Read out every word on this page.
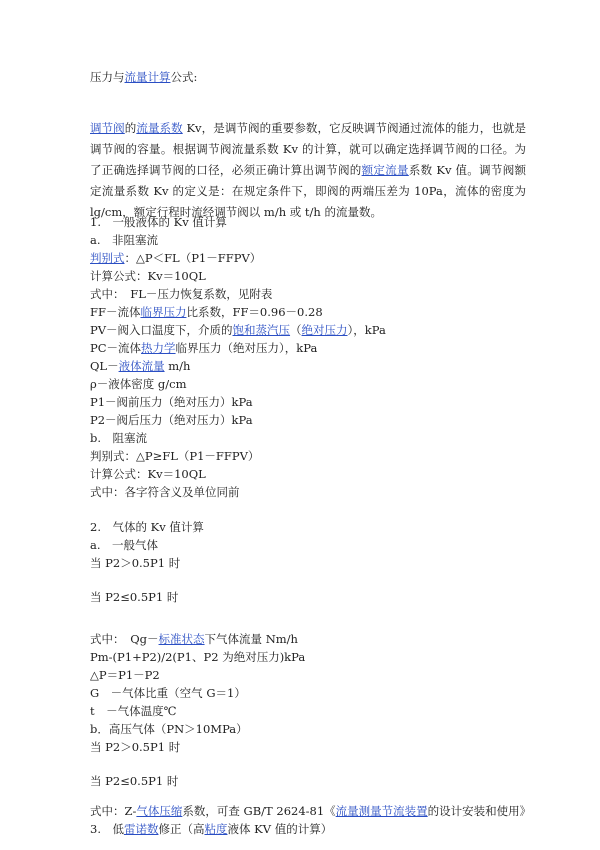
压力与流量计算公式:
调节阀的流量系数 Kv，是调节阀的重要参数，它反映调节阀通过流体的能力，也就是调节阀的容量。根据调节阀流量系数 Kv 的计算，就可以确定选择调节阀的口径。为了正确选择调节阀的口径，必须正确计算出调节阀的额定流量系数 Kv 值。调节阀额定流量系数 Kv 的定义是：在规定条件下，即阀的两端压差为 10Pa，流体的密度为 lg/cm，额定行程时流经调节阀以 m/h 或 t/h 的流量数。
1.　一般液体的 Kv 值计算
a.　非阻塞流
判别式：△P＜FL（P1－FFPV）
计算公式：Kv＝10QL
式中：　FL－压力恢复系数，见附表
FF－流体临界压力比系数，FF＝0.96－0.28
PV－阀入口温度下，介质的饱和蒸汽压（绝对压力），kPa
PC－流体热力学临界压力（绝对压力），kPa
QL－液体流量 m/h
ρ－液体密度 g/cm
P1－阀前压力（绝对压力）kPa
P2－阀后压力（绝对压力）kPa
b.　阻塞流
判别式：△P≥FL（P1－FFPV）
计算公式：Kv＝10QL
式中：各字符含义及单位同前
2.　气体的 Kv 值计算
a.　一般气体
当 P2＞0.5P1 时
当 P2≤0.5P1 时
式中：　Qg－标准状态下气体流量 Nm/h
Pm-(P1+P2)/2(P1、P2 为绝对压力)kPa
△P＝P1－P2
G　－气体比重（空气 G＝1）
t　－气体温度℃
b．高压气体（PN＞10MPa）
当 P2＞0.5P1 时
当 P2≤0.5P1 时
式中：Z-气体压缩系数，可查 GB/T 2624-81《流量测量节流装置的设计安装和使用》
3.　低雷诺数修正（高粘度液体 KV 值的计算）
